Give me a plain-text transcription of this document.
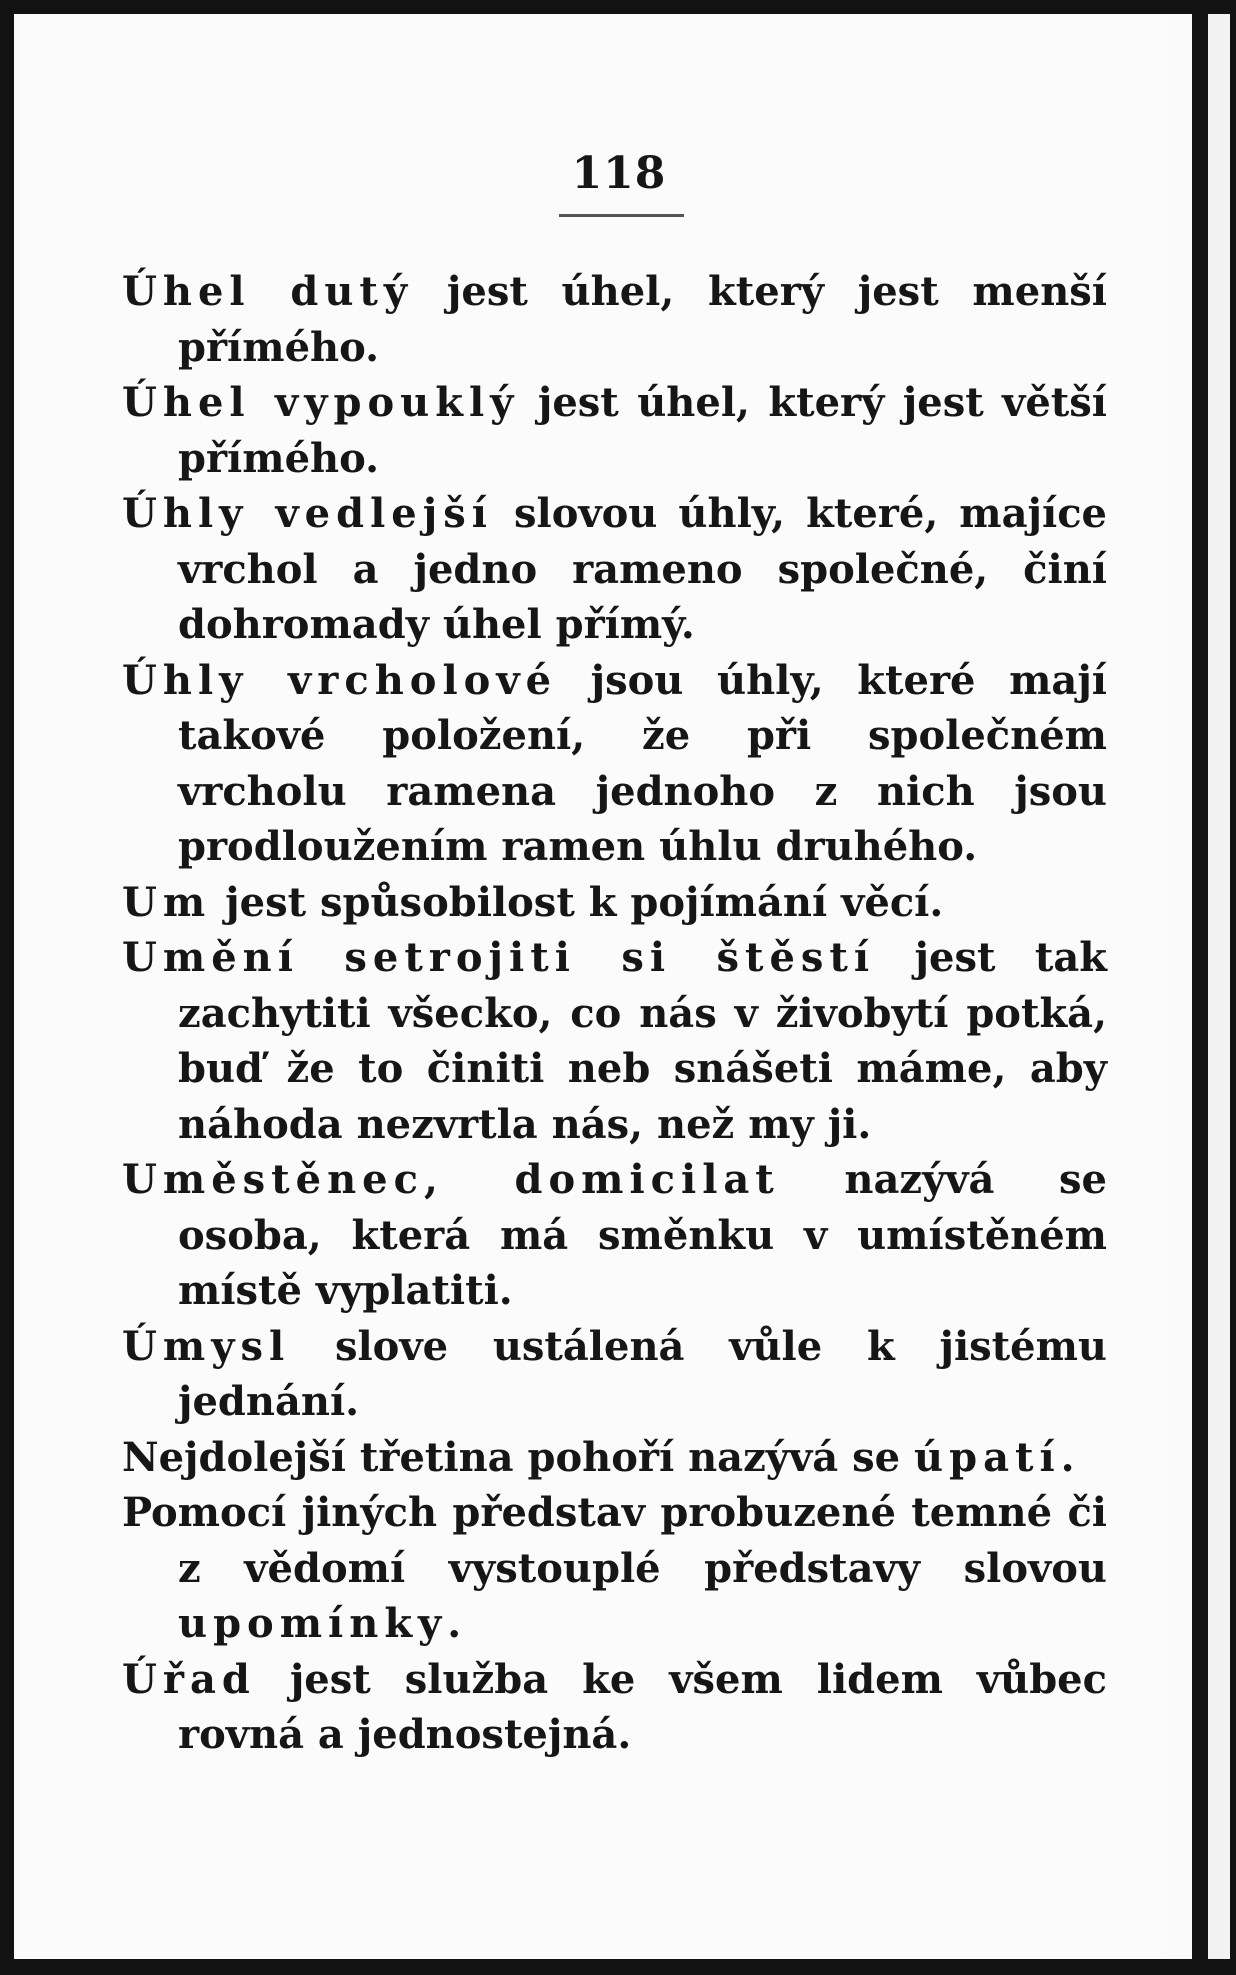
118

Úhel dutý jest úhel, který jest menší přímého.

Úhel vypouklý jest úhel, který jest větší přímého.

Úhly vedlejší slovou úhly, které, majíce vrchol a jedno rameno společné, činí dohromady úhel přímý.

Úhly vrcholové jsou úhly, které mají takové položení, že při společném vrcholu ramena jednoho z nich jsou prodloužením ramen úhlu druhého.

Um jest spůsobilost k pojímání věcí.

Umění setrojiti si štěstí jest tak zachytiti všecko, co nás v živobytí potká, buď že to činiti neb snášeti máme, aby náhoda nezvrtla nás, než my ji.

Uměstěnec, domicilat nazývá se osoba, která má směnku v umístěném místě vyplatiti.

Úmysl slove ustálená vůle k jistému jednání.

Nejdolejší třetina pohoří nazývá se úpatí.

Pomocí jiných představ probuzené temné či z vědomí vystouplé představy slovou upomínky.

Úřad jest služba ke všem lidem vůbec rovná a jednostejná.
